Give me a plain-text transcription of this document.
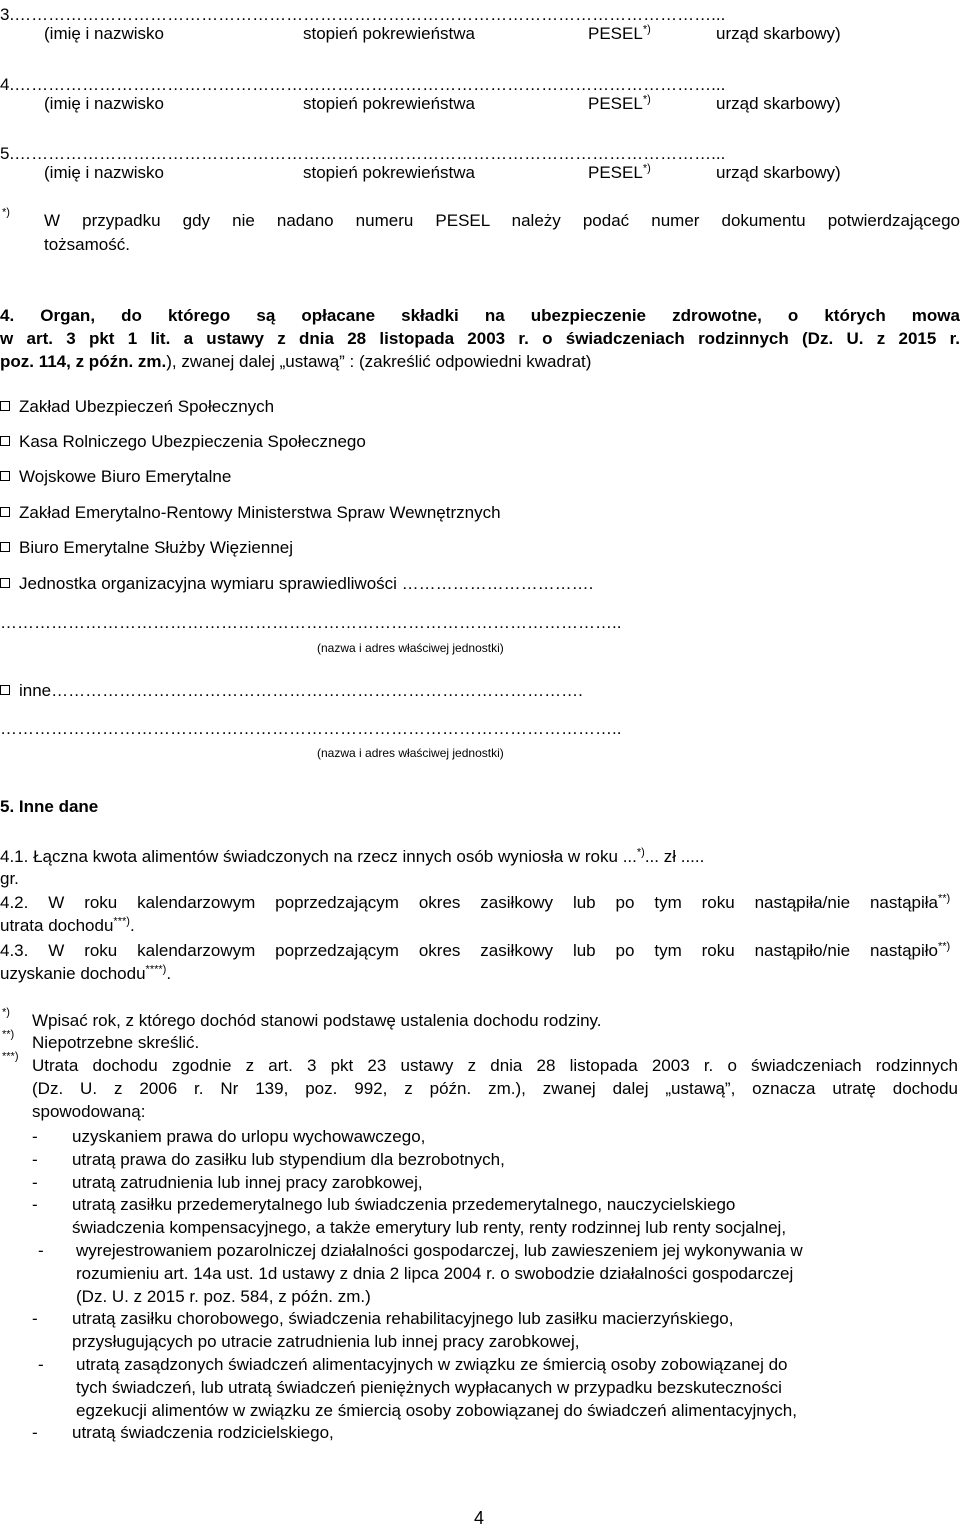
3.……………………………………………………………………………………………………………...
(imię i nazwisko	stopień pokrewieństwa	PESEL*)	urząd skarbowy)
4.……………………………………………………………………………………………………………...
(imię i nazwisko	stopień pokrewieństwa	PESEL*)	urząd skarbowy)
5.……………………………………………………………………………………………………………...
(imię i nazwisko	stopień pokrewieństwa	PESEL*)	urząd skarbowy)
*) W przypadku gdy nie nadano numeru PESEL należy podać numer dokumentu potwierdzającego
tożsamość.
4. Organ, do którego są opłacane składki na ubezpieczenie zdrowotne, o których mowa
w art. 3 pkt 1 lit. a ustawy z dnia 28 listopada 2003 r. o świadczeniach rodzinnych (Dz. U. z 2015 r.
poz. 114, z późn. zm.), zwanej dalej „ustawą” : (zakreślić odpowiedni kwadrat)
Zakład Ubezpieczeń Społecznych
Kasa Rolniczego Ubezpieczenia Społecznego
Wojskowe Biuro Emerytalne
Zakład Emerytalno-Rentowy Ministerstwa Spraw Wewnętrznych
Biuro Emerytalne Służby Więziennej
Jednostka organizacyjna wymiaru sprawiedliwości …………………………….
………………………………………………………………………………………………..
(nazwa i adres właściwej jednostki)
inne………………………………………………………………………………….
………………………………………………………………………………………………..
(nazwa i adres właściwej jednostki)
5. Inne dane
4.1. Łączna kwota alimentów świadczonych na rzecz innych osób wyniosła w roku ...*)... zł .....
gr.
4.2. W roku kalendarzowym poprzedzającym okres zasiłkowy lub po tym roku nastąpiła/nie nastąpiła**)
utrata dochodu***).
4.3. W roku kalendarzowym poprzedzającym okres zasiłkowy lub po tym roku nastąpiło/nie nastąpiło**)
uzyskanie dochodu****).
*) Wpisać rok, z którego dochód stanowi podstawę ustalenia dochodu rodziny.
**) Niepotrzebne skreślić.
***) Utrata dochodu zgodnie z art. 3 pkt 23 ustawy z dnia 28 listopada 2003 r. o świadczeniach rodzinnych
(Dz. U. z 2006 r. Nr 139, poz. 992, z późn. zm.), zwanej dalej „ustawą”, oznacza utratę dochodu
spowodowaną:
- uzyskaniem prawa do urlopu wychowawczego,
- utratą prawa do zasiłku lub stypendium dla bezrobotnych,
- utratą zatrudnienia lub innej pracy zarobkowej,
- utratą zasiłku przedemerytalnego lub świadczenia przedemerytalnego, nauczycielskiego
świadczenia kompensacyjnego, a także emerytury lub renty, renty rodzinnej lub renty socjalnej,
- wyrejestrowaniem pozarolniczej działalności gospodarczej, lub zawieszeniem jej wykonywania w
rozumieniu art. 14a ust. 1d ustawy z dnia 2 lipca 2004 r. o swobodzie działalności gospodarczej
(Dz. U. z 2015 r. poz. 584, z późn. zm.)
- utratą zasiłku chorobowego, świadczenia rehabilitacyjnego lub zasiłku macierzyńskiego,
przysługujących po utracie zatrudnienia lub innej pracy zarobkowej,
- utratą zasądzonych świadczeń alimentacyjnych w związku ze śmiercią osoby zobowiązanej do
tych świadczeń, lub utratą świadczeń pieniężnych wypłacanych w przypadku bezskuteczności
egzekucji alimentów w związku ze śmiercią osoby zobowiązanej do świadczeń alimentacyjnych,
- utratą świadczenia rodzicielskiego,
4
